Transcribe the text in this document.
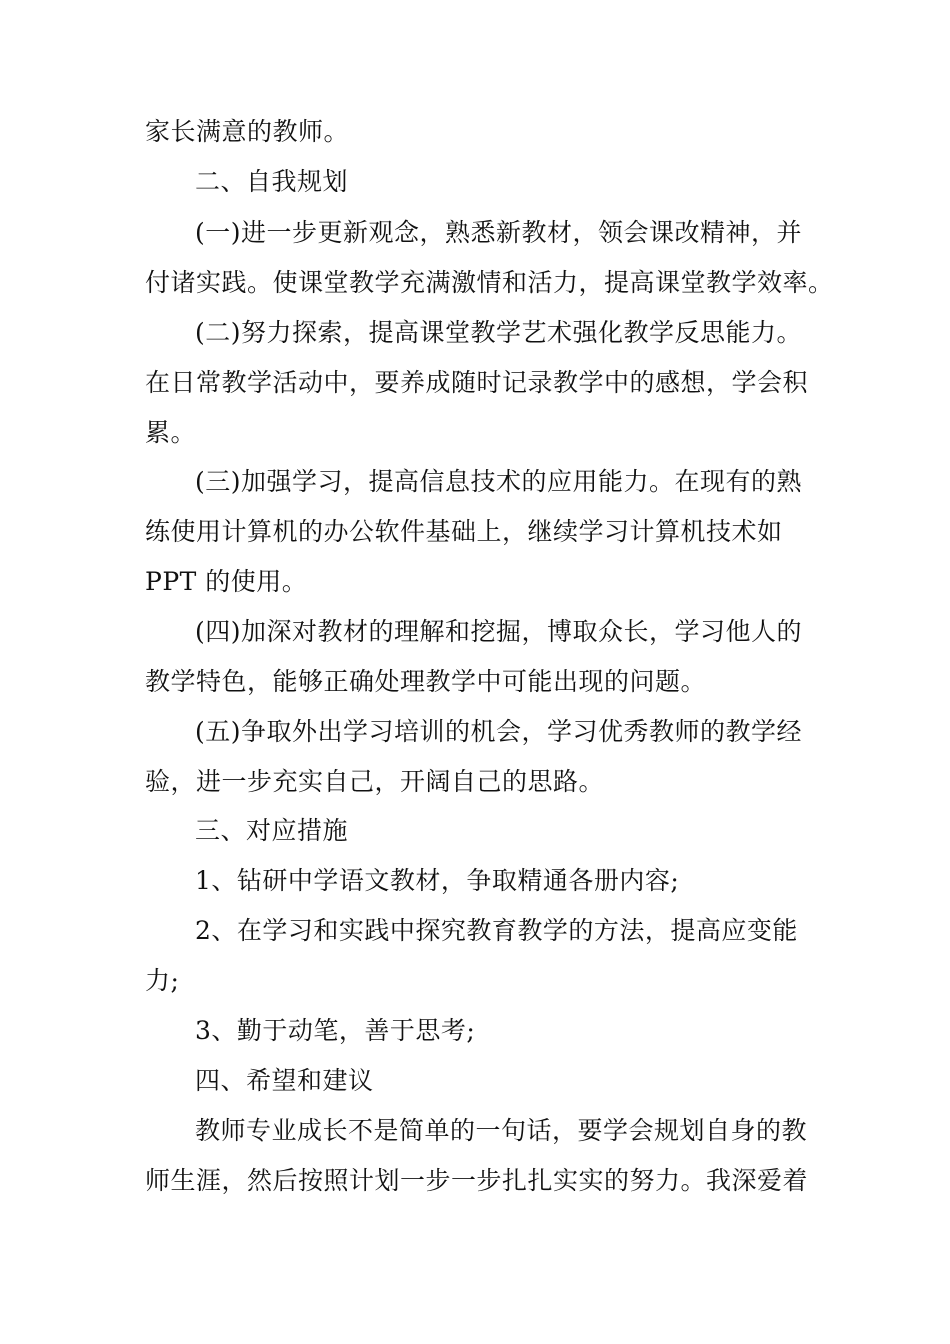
家长满意的教师。
二、自我规划
(一)进一步更新观念，熟悉新教材，领会课改精神，并
付诸实践。使课堂教学充满激情和活力，提高课堂教学效率。
(二)努力探索，提高课堂教学艺术强化教学反思能力。
在日常教学活动中，要养成随时记录教学中的感想，学会积
累。
(三)加强学习，提高信息技术的应用能力。在现有的熟
练使用计算机的办公软件基础上，继续学习计算机技术如
PPT 的使用。
(四)加深对教材的理解和挖掘，博取众长，学习他人的
教学特色，能够正确处理教学中可能出现的问题。
(五)争取外出学习培训的机会，学习优秀教师的教学经
验，进一步充实自己，开阔自己的思路。
三、对应措施
1、钻研中学语文教材，争取精通各册内容;
2、在学习和实践中探究教育教学的方法，提高应变能
力;
3、勤于动笔，善于思考;
四、希望和建议
教师专业成长不是简单的一句话，要学会规划自身的教
师生涯，然后按照计划一步一步扎扎实实的努力。我深爱着
